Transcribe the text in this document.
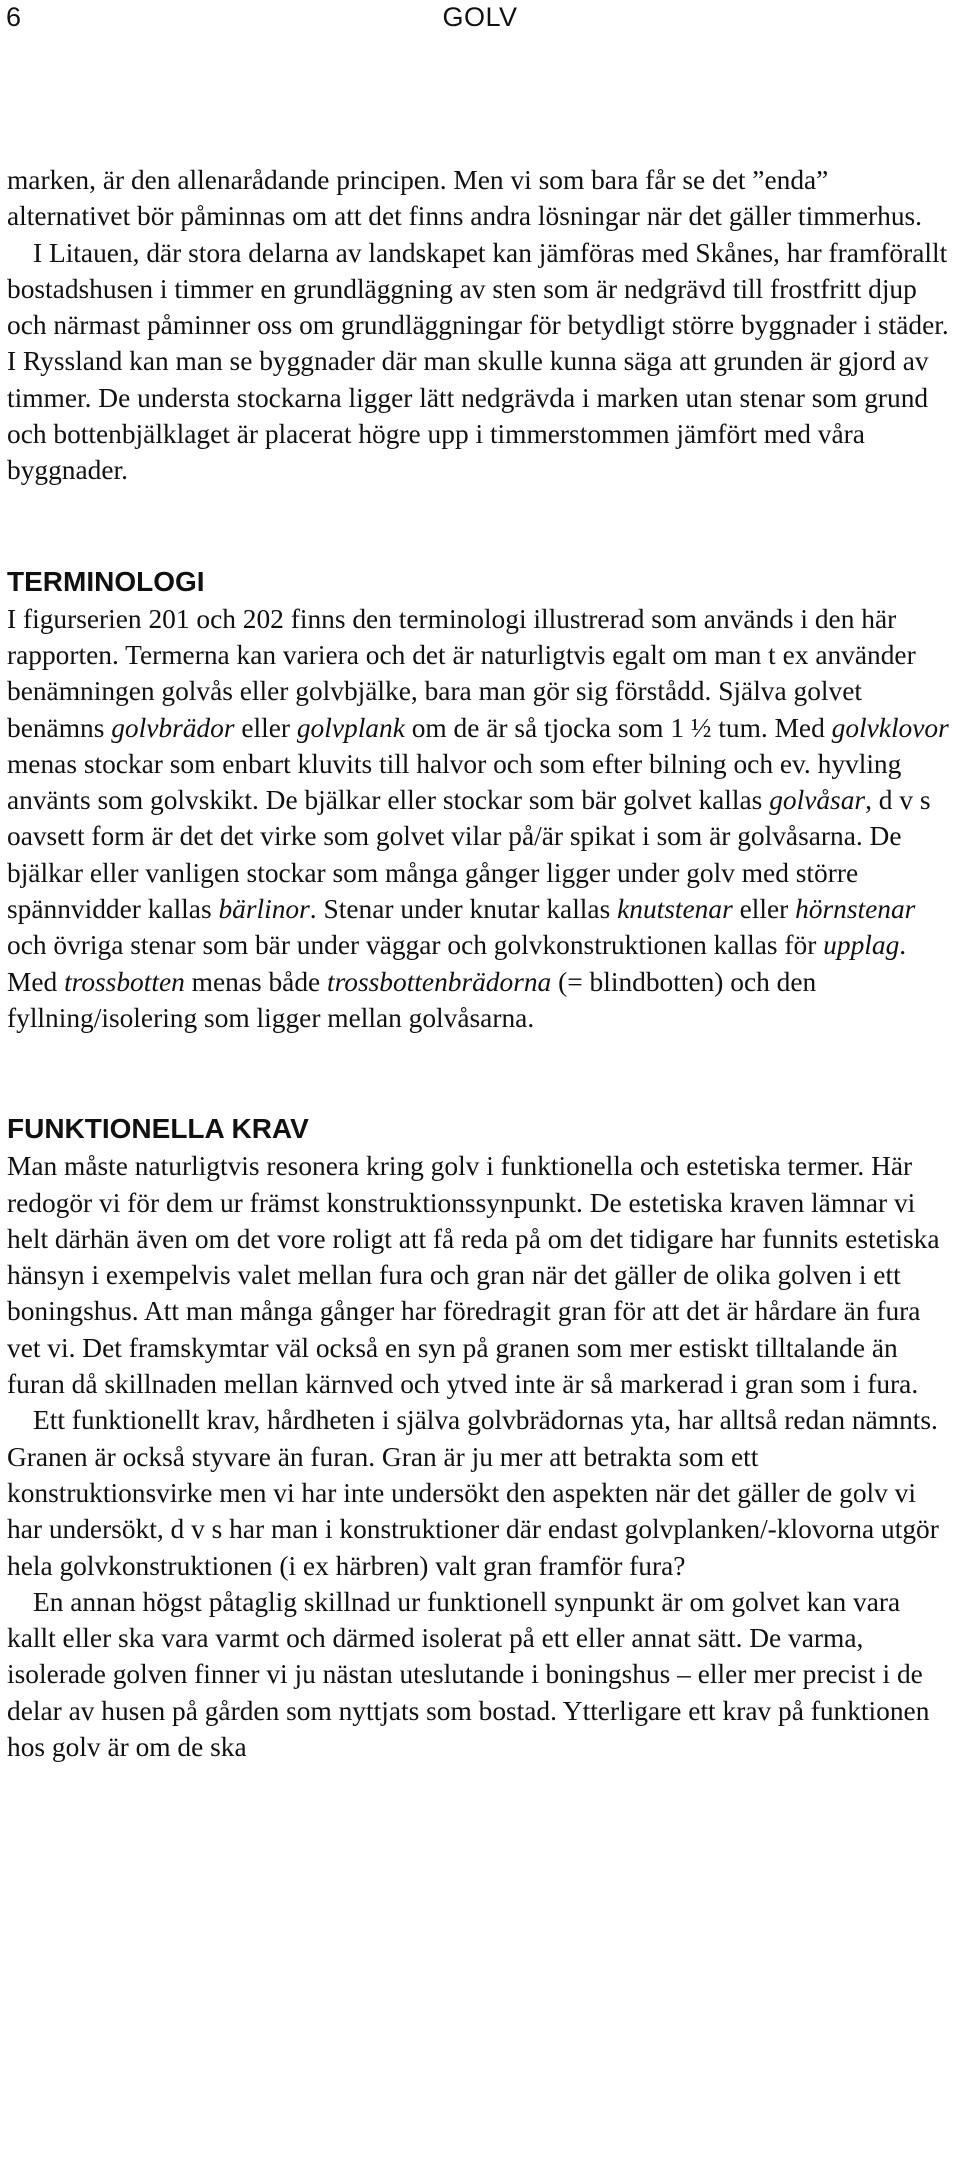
6	GOLV

marken, är den allenarådande principen. Men vi som bara får se det ”enda” alternativet bör påminnas om att det finns andra lösningar när det gäller timmerhus.

I Litauen, där stora delarna av landskapet kan jämföras med Skånes, har framförallt bostadshusen i timmer en grundläggning av sten som är nedgrävd till frostfritt djup och närmast påminner oss om grundläggningar för betydligt större byggnader i städer. I Ryssland kan man se byggnader där man skulle kunna säga att grunden är gjord av timmer. De understa stockarna ligger lätt nedgrävda i marken utan stenar som grund och bottenbjälklaget är placerat högre upp i timmerstommen jämfört med våra byggnader.

TERMINOLOGI

I figurserien 201 och 202 finns den terminologi illustrerad som används i den här rapporten. Termerna kan variera och det är naturligtvis egalt om man t ex använder benämningen golvås eller golvbjälke, bara man gör sig förstådd. Själva golvet benämns golvbrädor eller golvplank om de är så tjocka som 1 ½ tum. Med golvklovor menas stockar som enbart kluvits till halvor och som efter bilning och ev. hyvling använts som golvskikt. De bjälkar eller stockar som bär golvet kallas golvåsar, d v s oavsett form är det det virke som golvet vilar på/är spikat i som är golvåsarna. De bjälkar eller vanligen stockar som många gånger ligger under golv med större spännvidder kallas bärlinor. Stenar under knutar kallas knutstenar eller hörnstenar och övriga stenar som bär under väggar och golvkonstruktionen kallas för upplag. Med trossbotten menas både trossbottenbrädorna (= blindbotten) och den fyllning/isolering som ligger mellan golvåsarna.

FUNKTIONELLA KRAV

Man måste naturligtvis resonera kring golv i funktionella och estetiska termer. Här redogör vi för dem ur främst konstruktionssynpunkt. De estetiska kraven lämnar vi helt därhän även om det vore roligt att få reda på om det tidigare har funnits estetiska hänsyn i exempelvis valet mellan fura och gran när det gäller de olika golven i ett boningshus. Att man många gånger har föredragit gran för att det är hårdare än fura vet vi. Det framskymtar väl också en syn på granen som mer estiskt tilltalande än furan då skillnaden mellan kärnved och ytved inte är så markerad i gran som i fura.

Ett funktionellt krav, hårdheten i själva golvbrädornas yta, har alltså redan nämnts. Granen är också styvare än furan. Gran är ju mer att betrakta som ett konstruktionsvirke men vi har inte undersökt den aspekten när det gäller de golv vi har undersökt, d v s har man i konstruktioner där endast golvplanken/-klovorna utgör hela golvkonstruktionen (i ex härbren) valt gran framför fura?

En annan högst påtaglig skillnad ur funktionell synpunkt är om golvet kan vara kallt eller ska vara varmt och därmed isolerat på ett eller annat sätt. De varma, isolerade golven finner vi ju nästan uteslutande i boningshus – eller mer precist i de delar av husen på gården som nyttjats som bostad. Ytterligare ett krav på funktionen hos golv är om de ska
